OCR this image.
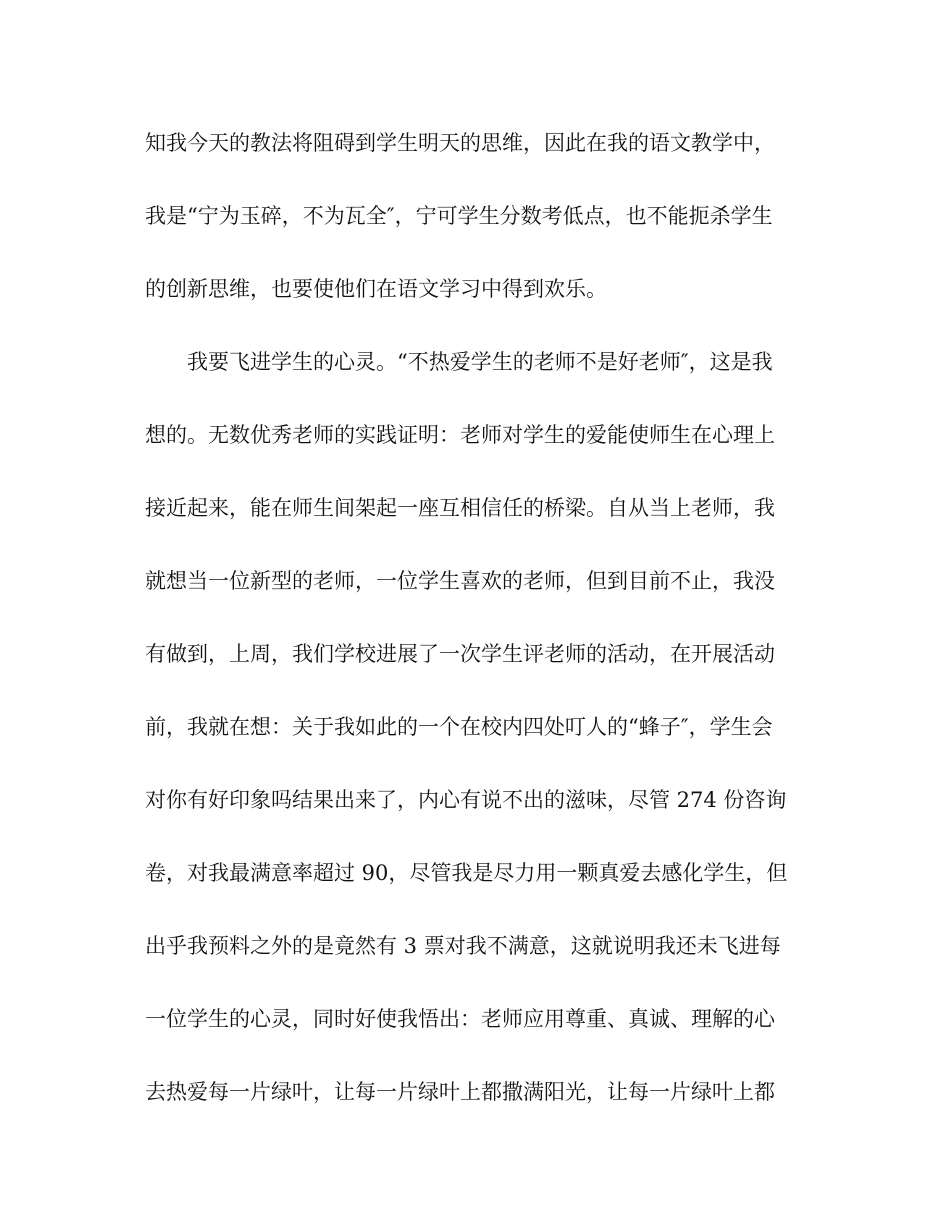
知我今天的教法将阻碍到学生明天的思维，因此在我的语文教学中，
我是“宁为玉碎，不为瓦全″，宁可学生分数考低点，也不能扼杀学生
的创新思维，也要使他们在语文学习中得到欢乐。
　　我要飞进学生的心灵。“不热爱学生的老师不是好老师″，这是我
想的。无数优秀老师的实践证明：老师对学生的爱能使师生在心理上
接近起来，能在师生间架起一座互相信任的桥梁。自从当上老师，我
就想当一位新型的老师，一位学生喜欢的老师，但到目前不止，我没
有做到，上周，我们学校进展了一次学生评老师的活动，在开展活动
前，我就在想：关于我如此的一个在校内四处叮人的“蜂子″，学生会
对你有好印象吗结果出来了，内心有说不出的滋味，尽管 274 份咨询
卷，对我最满意率超过 90，尽管我是尽力用一颗真爱去感化学生，但
出乎我预料之外的是竟然有 3 票对我不满意，这就说明我还未飞进每
一位学生的心灵，同时好使我悟出：老师应用尊重、真诚、理解的心
去热爱每一片绿叶，让每一片绿叶上都撒满阳光，让每一片绿叶上都
